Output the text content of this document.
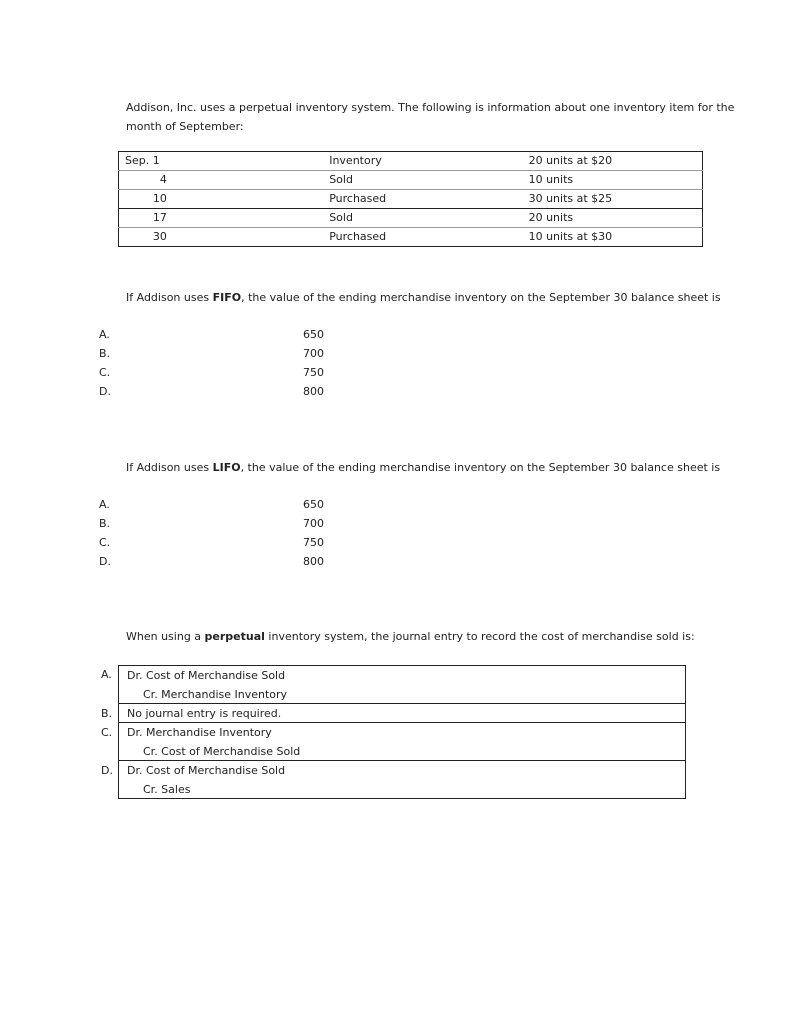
Addison, Inc. uses a perpetual inventory system. The following is information about one inventory item for the month of September:
Sep. 1		Inventory	20 units at $20
4		Sold	10 units
10		Purchased	30 units at $25
17		Sold	20 units
30		Purchased	10 units at $30
If Addison uses FIFO, the value of the ending merchandise inventory on the September 30 balance sheet is
A.	650
B.	700
C.	750
D.	800
If Addison uses LIFO, the value of the ending merchandise inventory on the September 30 balance sheet is
A.	650
B.	700
C.	750
D.	800
When using a perpetual inventory system, the journal entry to record the cost of merchandise sold is:
A.	Dr. Cost of Merchandise Sold
Cr. Merchandise Inventory
B.	No journal entry is required.
C.	Dr. Merchandise Inventory
Cr. Cost of Merchandise Sold
D.	Dr. Cost of Merchandise Sold
Cr. Sales
